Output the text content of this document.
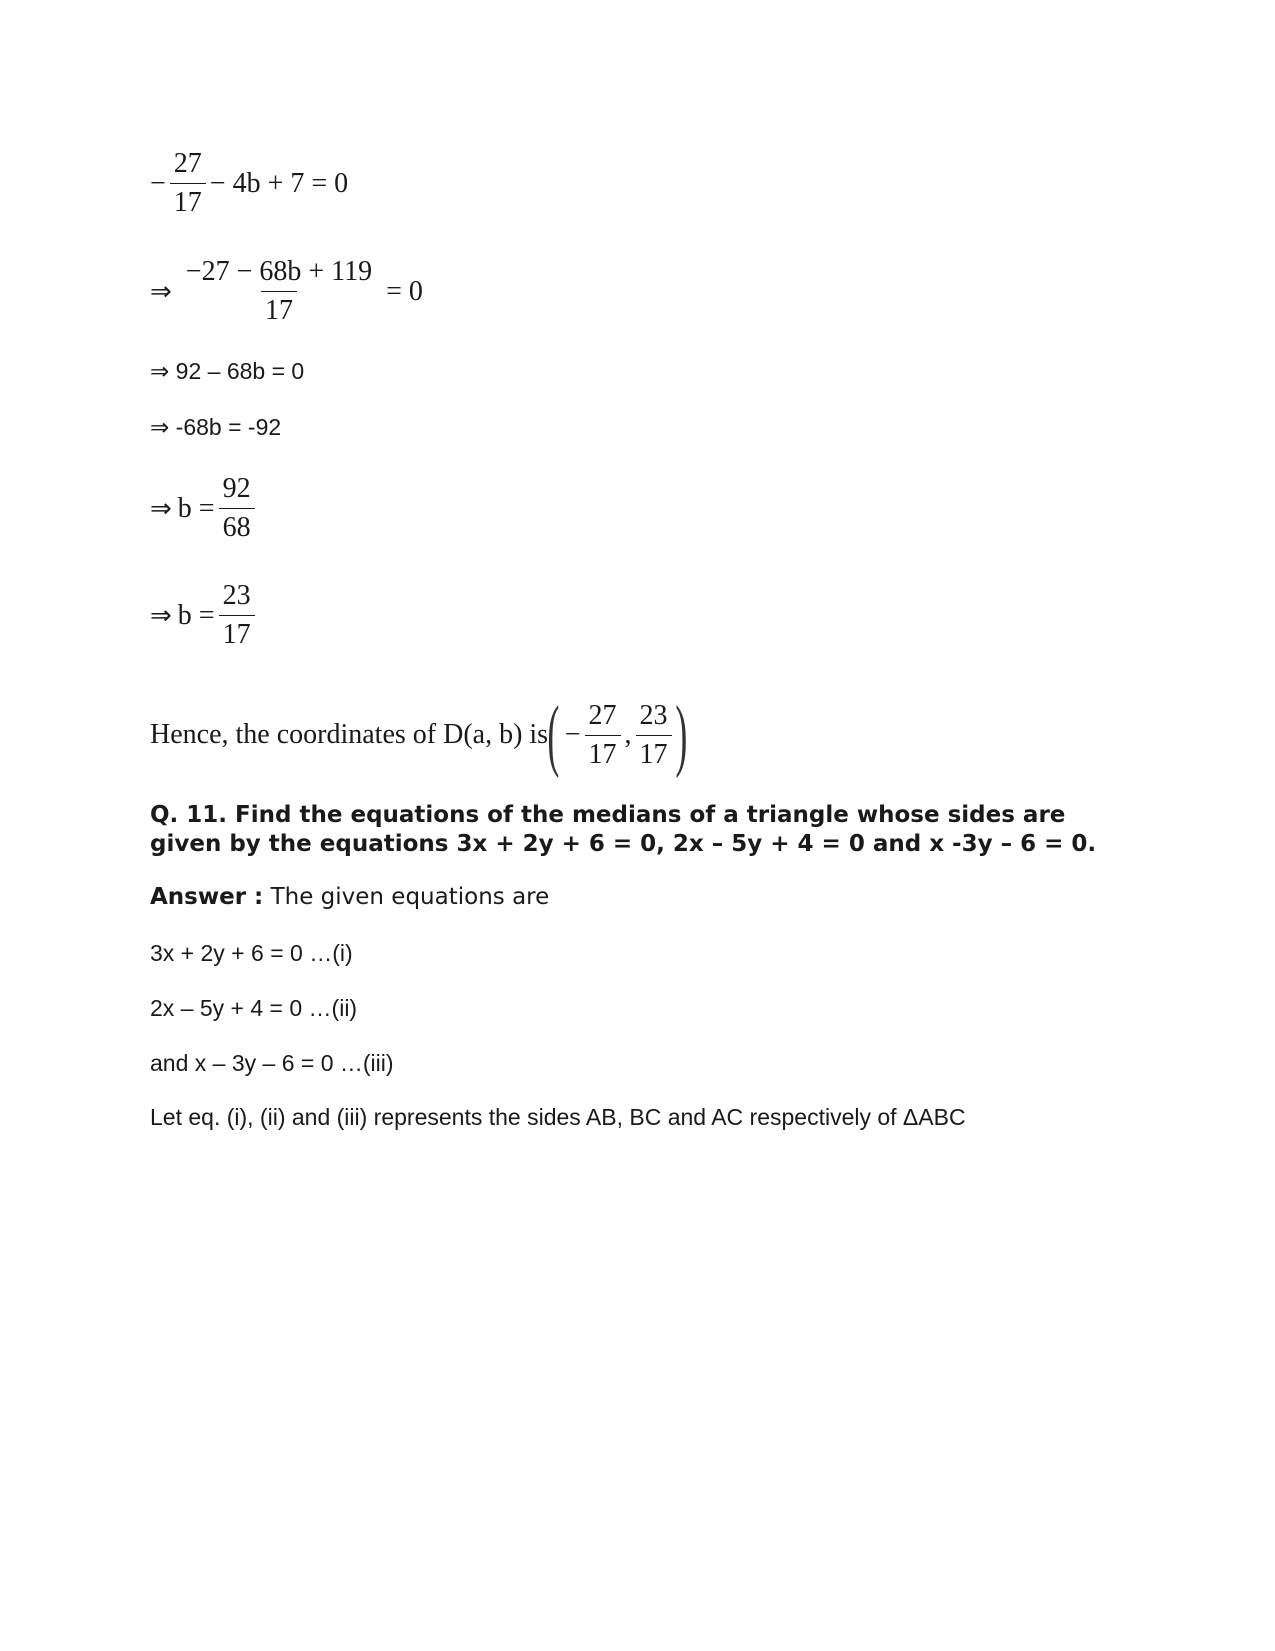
− $\frac{27}{17} - 4b + 7 = 0$
⇒ $\frac{-27 - 68b + 119}{17} = 0$
⇒ 92 – 68b = 0
⇒ -68b = -92
⇒ $b = \frac{92}{68}$
⇒ $b = \frac{23}{17}$
Hence, the coordinates of D(a, b) is ( − $\frac{27}{17}$ , $\frac{23}{17}$ )
Q. 11. Find the equations of the medians of a triangle whose sides are given by the equations 3x + 2y + 6 = 0, 2x – 5y + 4 = 0 and x -3y – 6 = 0.
Answer : The given equations are
3x + 2y + 6 = 0 …(i)
2x – 5y + 4 = 0 …(ii)
and x – 3y – 6 = 0 …(iii)
Let eq. (i), (ii) and (iii) represents the sides AB, BC and AC respectively of ΔABC
